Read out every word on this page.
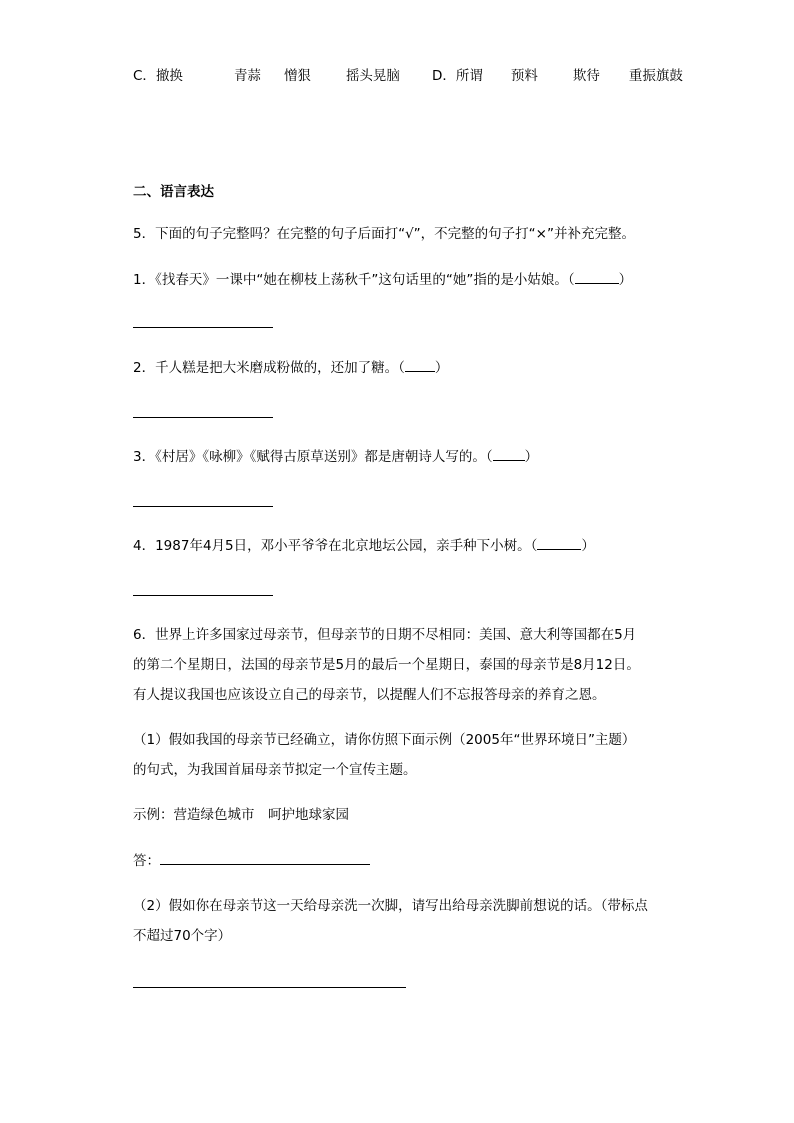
C．撤换	青蒜 憎狠	摇头晃脑 D．所谓 预料	欺待 重振旗鼓
二、语言表达
5．下面的句子完整吗？在完整的句子后面打“√”，不完整的句子打“×”并补充完整。
1．《找春天》一课中“她在柳枝上荡秋千”这句话里的“她”指的是小姑娘。（	）
2．千人糕是把大米磨成粉做的，还加了糖。（ ）
3．《村居》《咏柳》《赋得古原草送别》都是唐朝诗人写的。（ ）
4．1987年4月5日，邓小平爷爷在北京地坛公园，亲手种下小树。（	）
6．世界上许多国家过母亲节，但母亲节的日期不尽相同：美国、意大利等国都在5月
的第二个星期日，法国的母亲节是5月的最后一个星期日，泰国的母亲节是8月12日。
有人提议我国也应该设立自己的母亲节，以提醒人们不忘报答母亲的养育之恩。
（1）假如我国的母亲节已经确立，请你仿照下面示例（2005年“世界环境日”主题）
的句式，为我国首届母亲节拟定一个宣传主题。
示例：营造绿色城市　呵护地球家园
答：
（2）假如你在母亲节这一天给母亲洗一次脚，请写出给母亲洗脚前想说的话。（带标点
不超过70个字）
